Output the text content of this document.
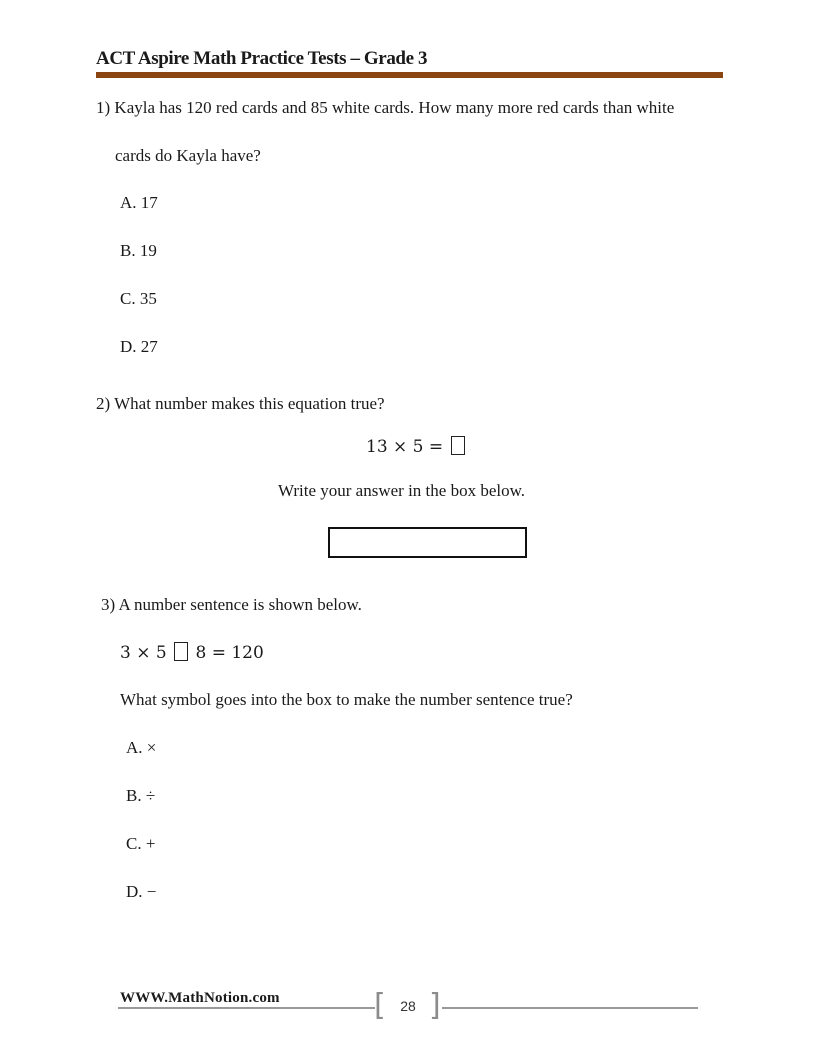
ACT Aspire Math Practice Tests – Grade 3
1) Kayla has 120 red cards and 85 white cards. How many more red cards than white
cards do Kayla have?
A. 17
B. 19
C. 35
D. 27
2) What number makes this equation true?
13 × 5 =
Write your answer in the box below.
3) A number sentence is shown below.
3 × 5 8 = 120
What symbol goes into the box to make the number sentence true?
A. ×
B. ÷
C. +
D. −
WWW.MathNotion.com	[ ]
28
